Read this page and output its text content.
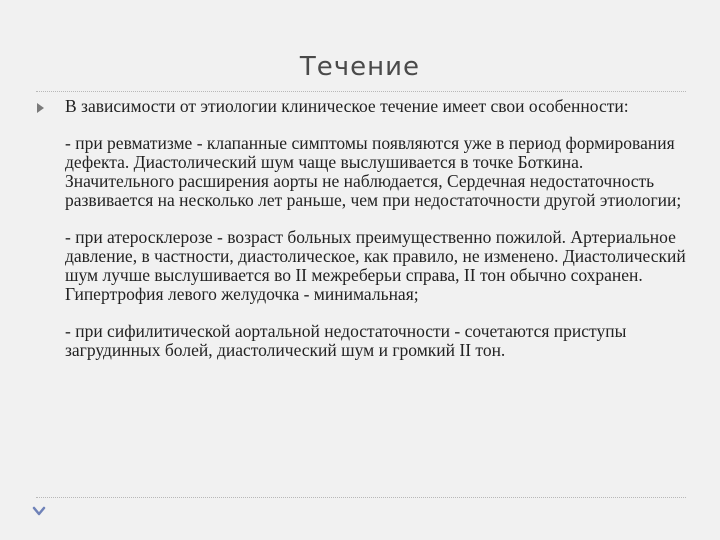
Течение

В зависимости от этиологии клиническое течение имеет свои особенности:

- при ревматизме - клапанные симптомы появляются уже в период формирования дефекта. Диастолический шум чаще выслушивается в точке Боткина. Значительного расширения аорты не наблюдается, Сердечная недостаточность развивается на несколько лет раньше, чем при недостаточности другой этиологии;

- при атеросклерозе - возраст больных преимущественно пожилой. Артериальное давление, в частности, диастолическое, как правило, не изменено. Диастолический шум лучше выслушивается во II межреберьи справа, II тон обычно сохранен. Гипертрофия левого желудочка - минимальная;

- при сифилитической аортальной недостаточности - сочетаются приступы загрудинных болей, диастолический шум и громкий II тон.
